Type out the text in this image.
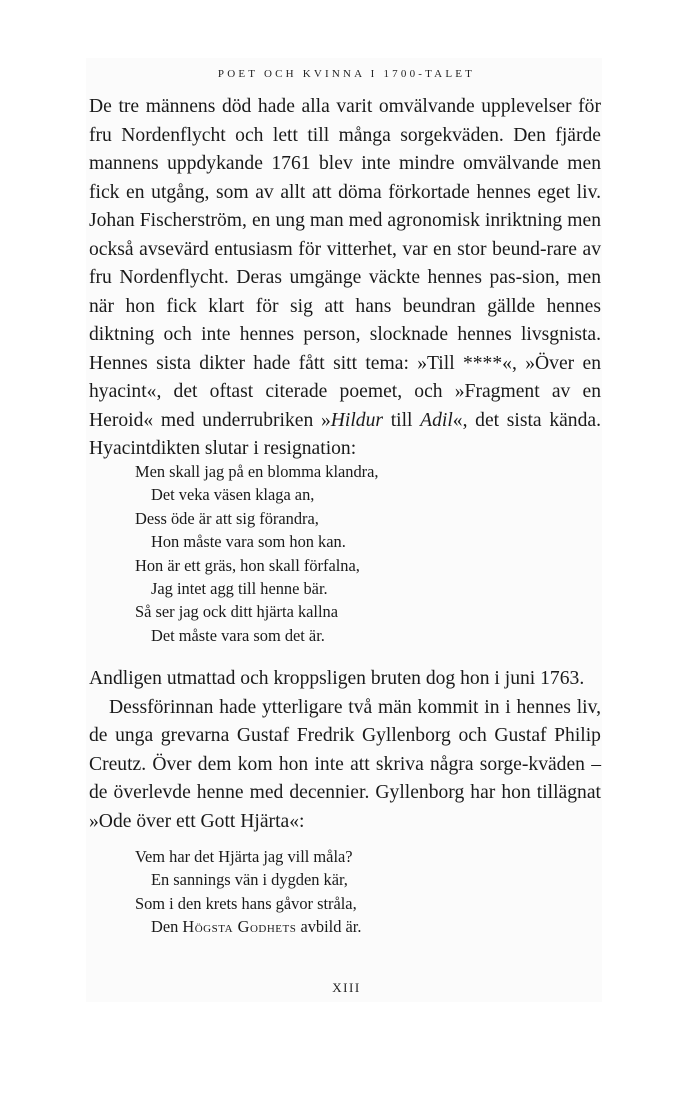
POET OCH KVINNA I 1700-TALET

De tre männens död hade alla varit omvälvande upplevelser för fru Nordenflycht och lett till många sorgekväden. Den fjärde mannens uppdykande 1761 blev inte mindre omvälvande men fick en utgång, som av allt att döma förkortade hennes eget liv. Johan Fischerström, en ung man med agronomisk inriktning men också avsevärd entusiasm för vitterhet, var en stor beund-rare av fru Nordenflycht. Deras umgänge väckte hennes pas-sion, men när hon fick klart för sig att hans beundran gällde hennes diktning och inte hennes person, slocknade hennes livsgnista. Hennes sista dikter hade fått sitt tema: »Till ****«, »Över en hyacint«, det oftast citerade poemet, och »Fragment av en Heroid« med underrubriken »Hildur till Adil«, det sista kända. Hyacintdikten slutar i resignation:

Men skall jag på en blomma klandra,
Det veka väsen klaga an,
Dess öde är att sig förandra,
Hon måste vara som hon kan.
Hon är ett gräs, hon skall förfalna,
Jag intet agg till henne bär.
Så ser jag ock ditt hjärta kallna
Det måste vara som det är.

Andligen utmattad och kroppsligen bruten dog hon i juni 1763.

Dessförinnan hade ytterligare två män kommit in i hennes liv, de unga grevarna Gustaf Fredrik Gyllenborg och Gustaf Philip Creutz. Över dem kom hon inte att skriva några sorge-kväden – de överlevde henne med decennier. Gyllenborg har hon tillägnat »Ode över ett Gott Hjärta«:

Vem har det Hjärta jag vill måla?
En sannings vän i dygden kär,
Som i den krets hans gåvor stråla,
Den Högsta Godhets avbild är.
XIII
